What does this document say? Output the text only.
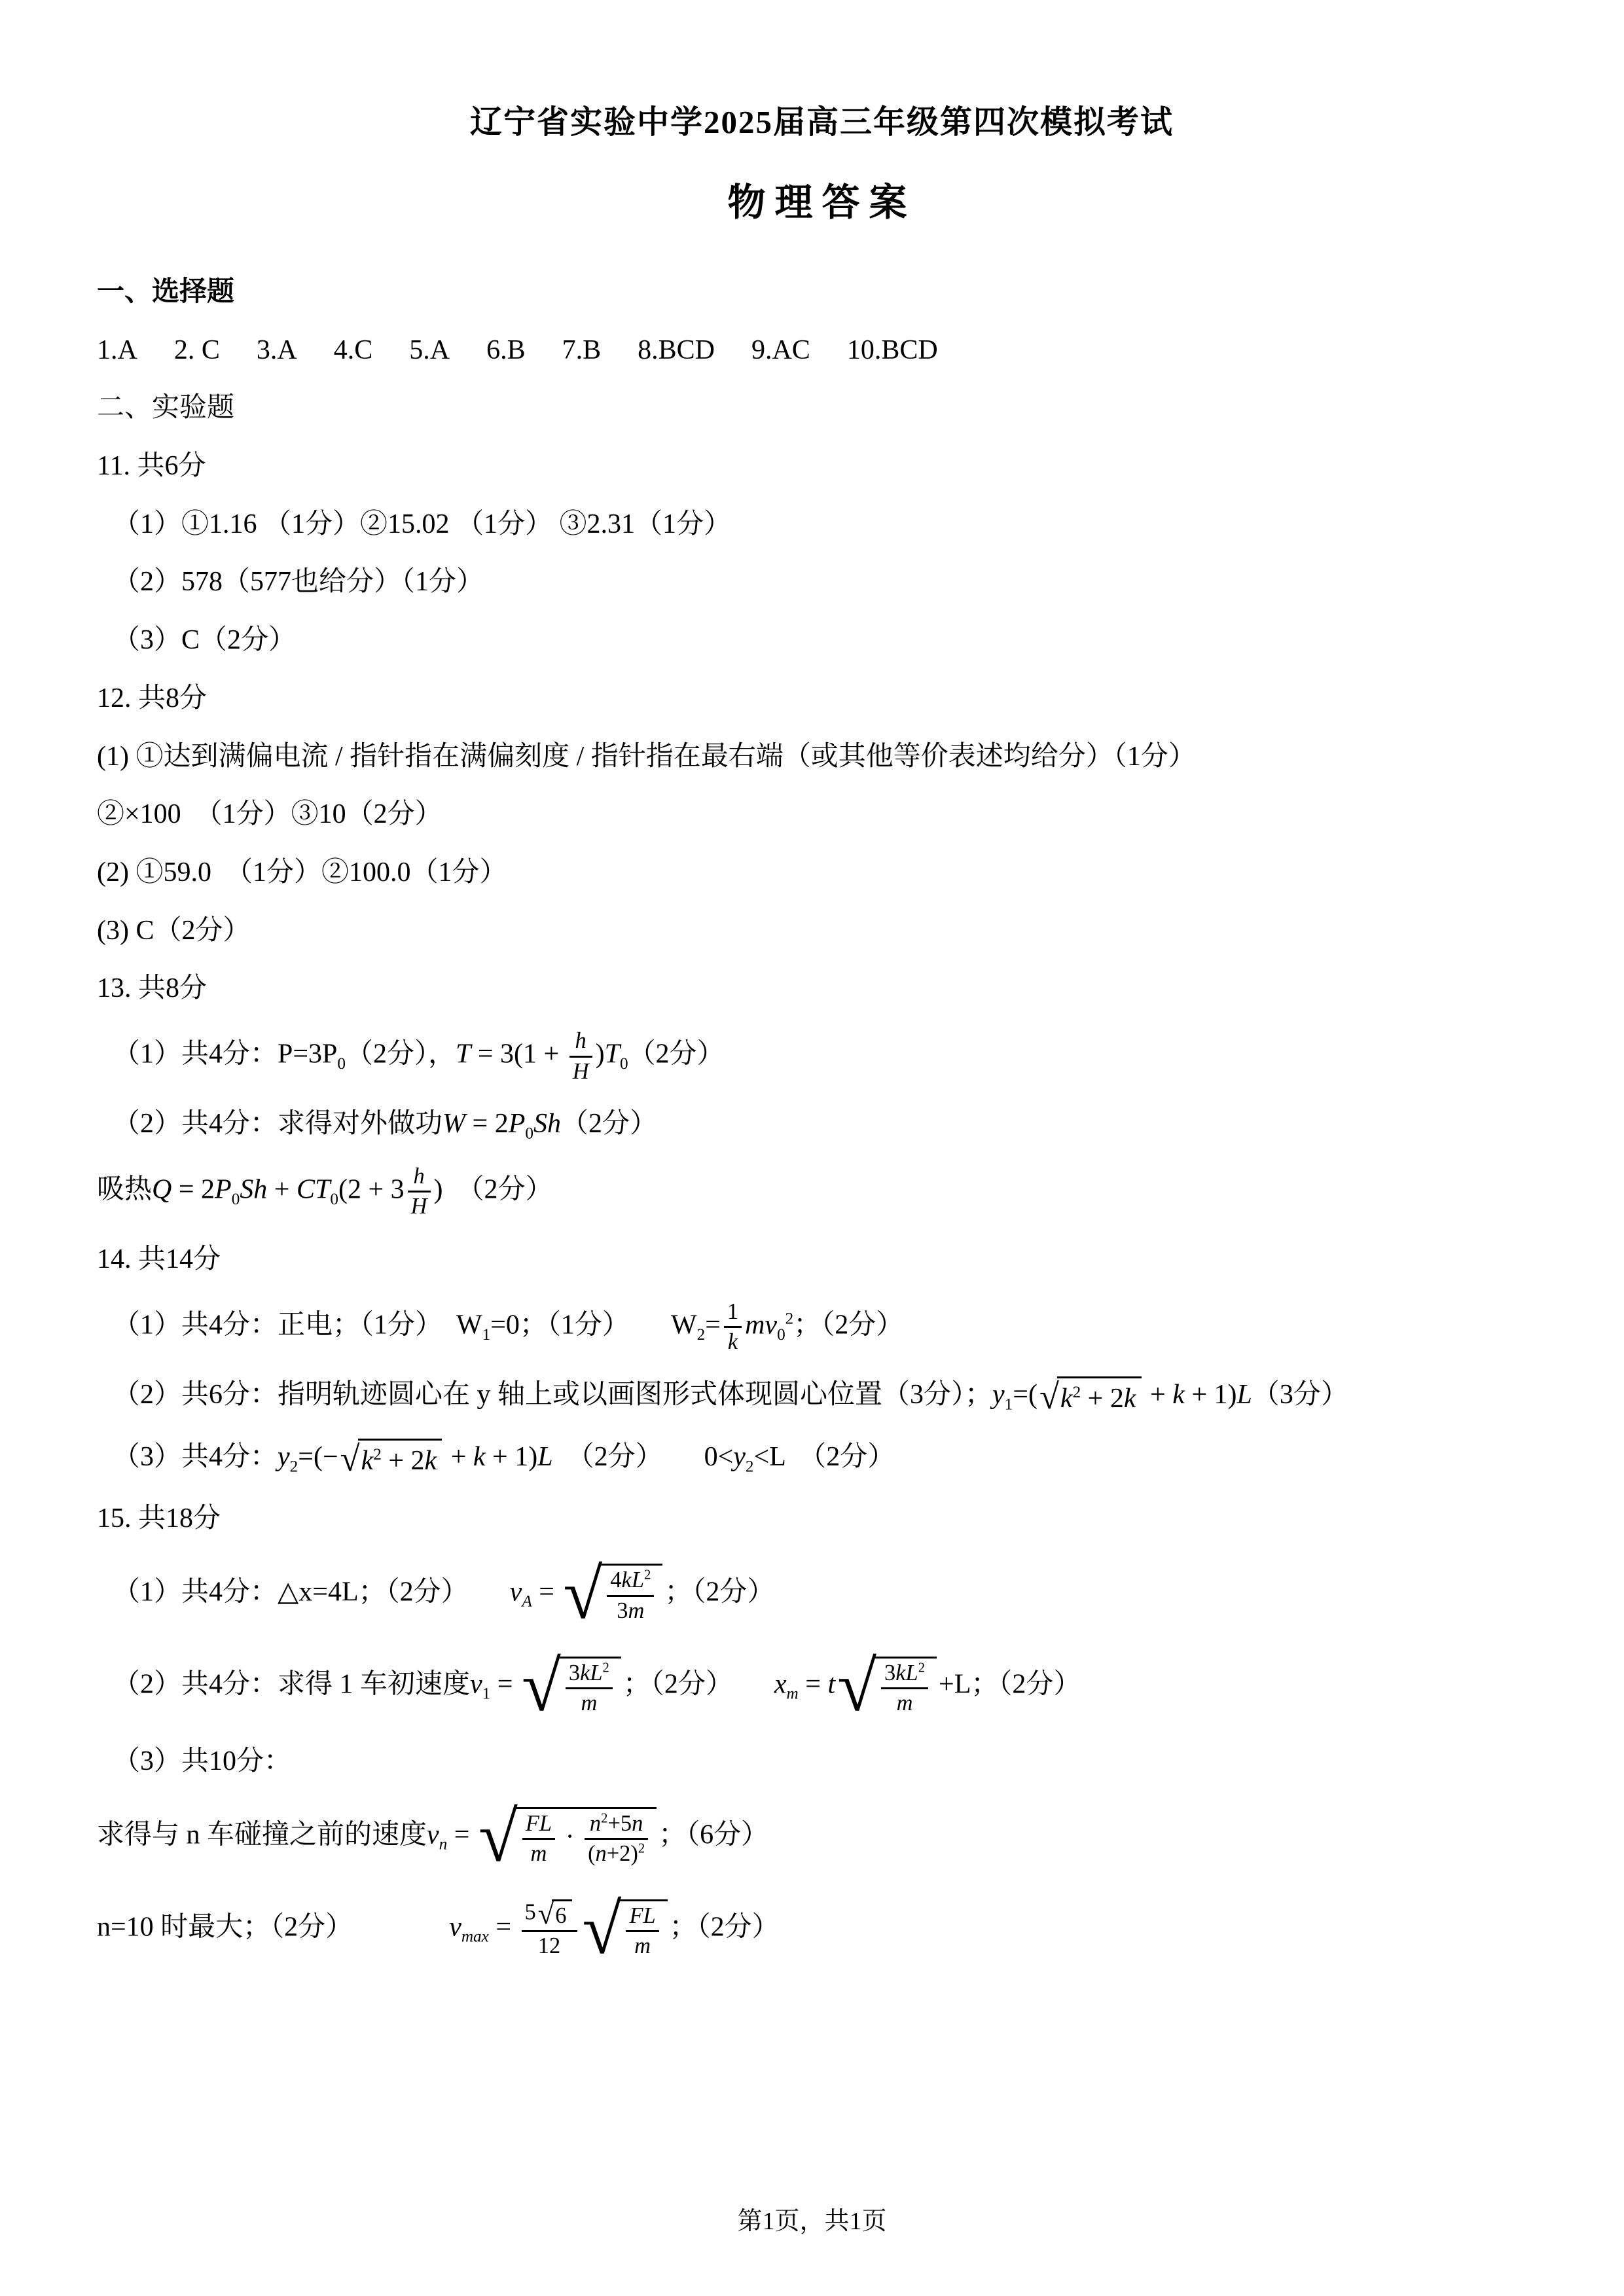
辽宁省实验中学2025届高三年级第四次模拟考试
物理答案
一、选择题
1.A 2. C 3.A 4.C 5.A 6.B 7.B 8.BCD 9.AC 10.BCD
二、实验题
11. 共6分
（1）①1.16 （1分）②15.02 （1分） ③2.31（1分）
（2）578（577也给分）（1分）
（3）C（2分）
12. 共8分
(1) ①达到满偏电流 / 指针指在满偏刻度 / 指针指在最右端（或其他等价表述均给分）（1分）
②×100　（1分）③10（2分）
(2) ①59.0　（1分）②100.0（1分）
(3) C（2分）
13. 共8分
（1）共4分：$P=3P_0(2$分），$T = 3(1 + \frac{h}{H} )T_0(2$分）
（2）共4分：求得对外做功$W = 2P_0Sh(2$分）
吸热$Q = 2P_0Sh + CT_0(2 + 3 \frac{h}{H}$ )　（2分）
14. 共14分
（1）共4分：正电；（1分）　$W_1=0$；（1分）　　$W_2= \frac{1}{k} mv_0^2$；（2分）
（2）共6分：指明轨迹圆心在 y 轴上或以画图形式体现圆心位置（3分）；$y_1=$( √ $k^2 + 2k + k + 1)L(3$分）
（3）共4分：$y_2=(-$ √ $k^2 + 2k + k + 1)L$　（2分）　　$0<y_2<L$　（2分）
15. 共18分
（1）共4分：△x=4L；（2分）　　$v_A$ = √ $\frac{4kL^2}{3m}$ ；（2分）
（2）共4分：求得 1 车初速度$v_1$ = √ $\frac{3kL^2}{m}$ ；（2分）　　$x_m = t$ √ $\frac{3kL^2}{m} +L$；（2分）
（3）共10分：
求得与 n 车碰撞之前的速度$v_n$ = √ $\frac{FL}{m} \cdot \frac{n^2+5n}{(n+2)^2}$ ；（6分）
n=10 时最大；（2分）　　　　$v_{max} = \frac{5 √ 6}{12}$ √ $\frac{FL}{m}$ ；（2分）
第1页，共1页
